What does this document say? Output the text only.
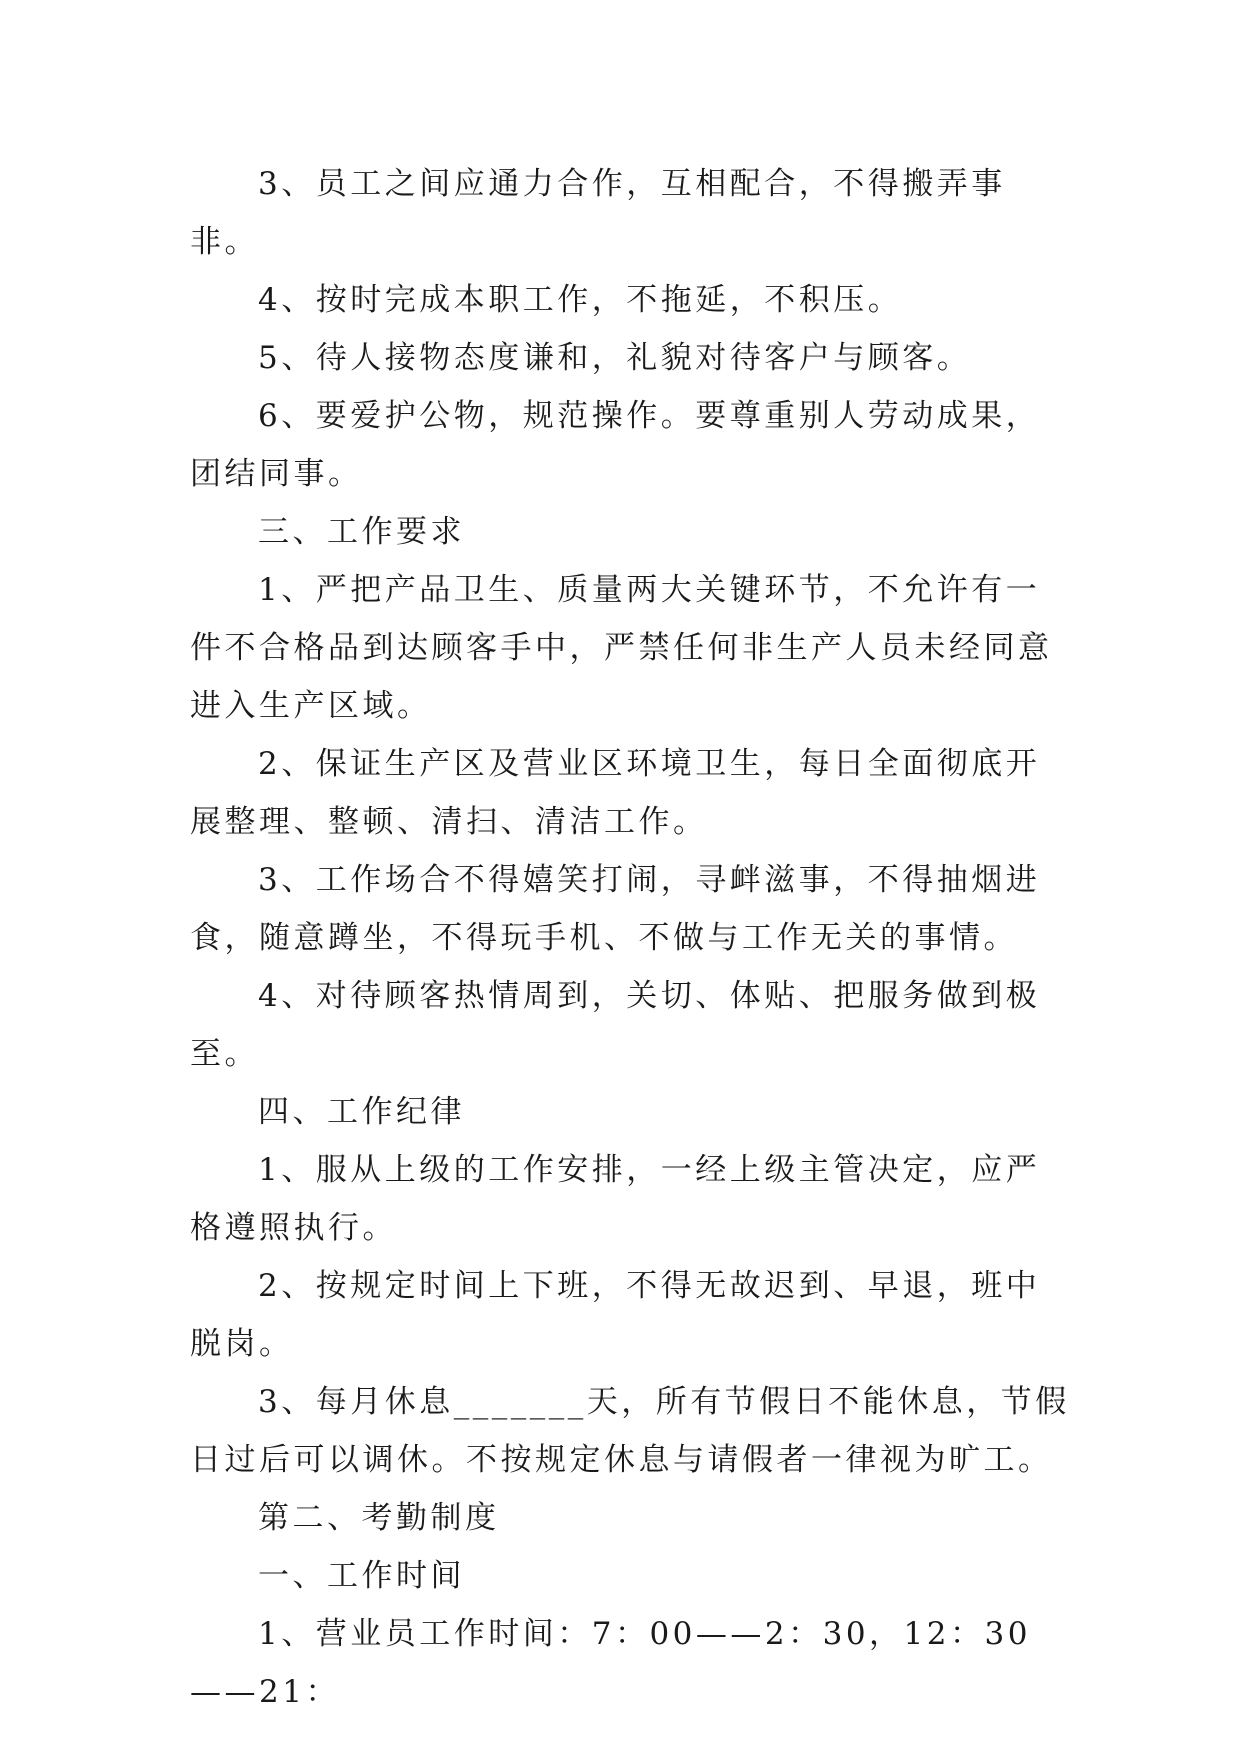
3、员工之间应通力合作，互相配合，不得搬弄事非。

4、按时完成本职工作，不拖延，不积压。

5、待人接物态度谦和，礼貌对待客户与顾客。

6、要爱护公物，规范操作。要尊重别人劳动成果，团结同事。

三、工作要求

1、严把产品卫生、质量两大关键环节，不允许有一件不合格品到达顾客手中，严禁任何非生产人员未经同意进入生产区域。

2、保证生产区及营业区环境卫生，每日全面彻底开展整理、整顿、清扫、清洁工作。

3、工作场合不得嬉笑打闹，寻衅滋事，不得抽烟进食，随意蹲坐，不得玩手机、不做与工作无关的事情。

4、对待顾客热情周到，关切、体贴、把服务做到极至。

四、工作纪律

1、服从上级的工作安排，一经上级主管决定，应严格遵照执行。

2、按规定时间上下班，不得无故迟到、早退，班中脱岗。

3、每月休息_______天，所有节假日不能休息，节假日过后可以调休。不按规定休息与请假者一律视为旷工。

第二、考勤制度

一、工作时间

1、营业员工作时间：7：00——2：30，12：30——21：
